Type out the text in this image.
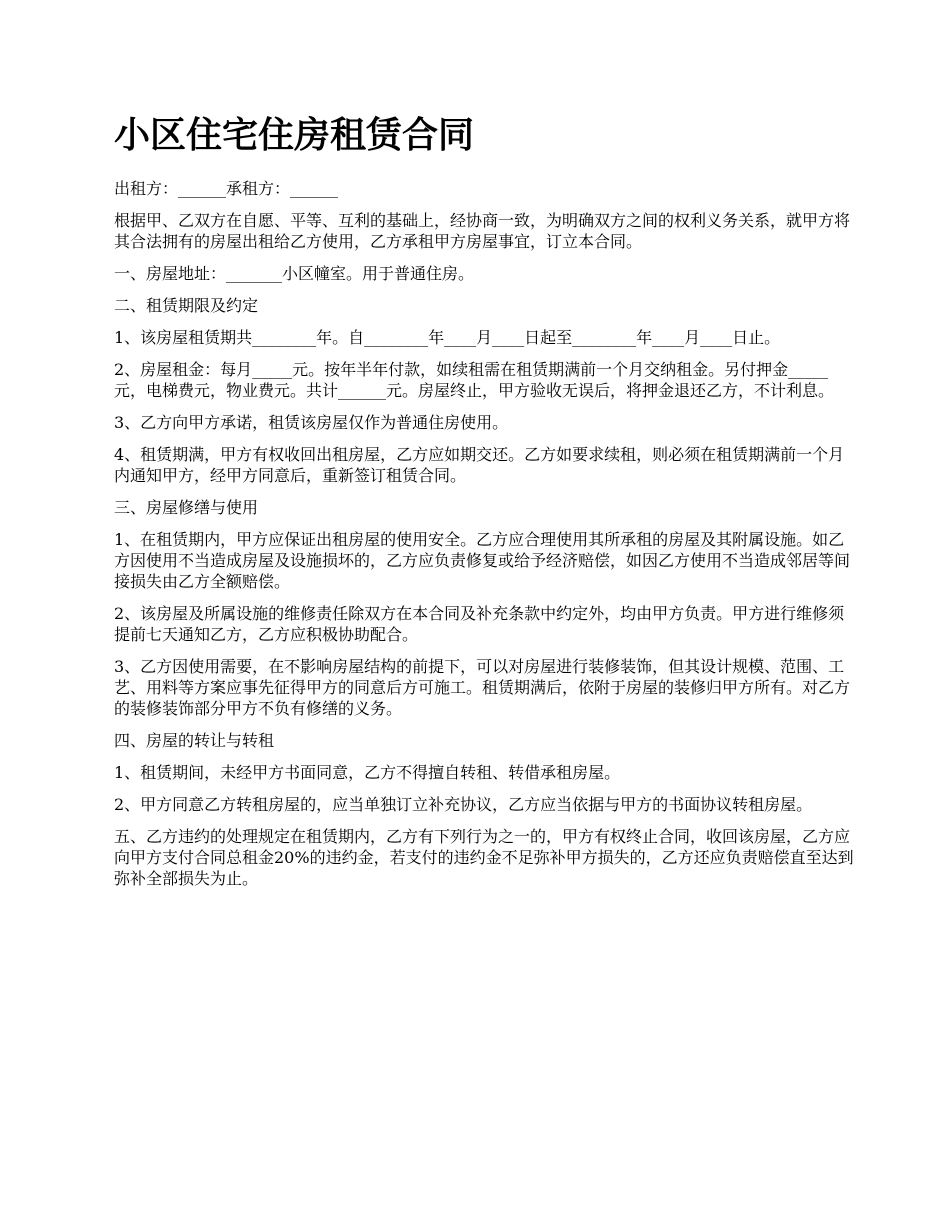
小区住宅住房租赁合同

出租方：______承租方：______

根据甲、乙双方在自愿、平等、互利的基础上，经协商一致，为明确双方之间的权利义务关系，就甲方将其合法拥有的房屋出租给乙方使用，乙方承租甲方房屋事宜，订立本合同。

一、房屋地址：_______小区幢室。用于普通住房。

二、租赁期限及约定

1、该房屋租赁期共________年。自________年____月____日起至________年____月____日止。

2、房屋租金：每月_____元。按年半年付款，如续租需在租赁期满前一个月交纳租金。另付押金_____元，电梯费元，物业费元。共计______元。房屋终止，甲方验收无误后，将押金退还乙方，不计利息。

3、乙方向甲方承诺，租赁该房屋仅作为普通住房使用。

4、租赁期满，甲方有权收回出租房屋，乙方应如期交还。乙方如要求续租，则必须在租赁期满前一个月内通知甲方，经甲方同意后，重新签订租赁合同。

三、房屋修缮与使用

1、在租赁期内，甲方应保证出租房屋的使用安全。乙方应合理使用其所承租的房屋及其附属设施。如乙方因使用不当造成房屋及设施损坏的，乙方应负责修复或给予经济赔偿，如因乙方使用不当造成邻居等间接损失由乙方全额赔偿。

2、该房屋及所属设施的维修责任除双方在本合同及补充条款中约定外，均由甲方负责。甲方进行维修须提前七天通知乙方，乙方应积极协助配合。

3、乙方因使用需要，在不影响房屋结构的前提下，可以对房屋进行装修装饰，但其设计规模、范围、工艺、用料等方案应事先征得甲方的同意后方可施工。租赁期满后，依附于房屋的装修归甲方所有。对乙方的装修装饰部分甲方不负有修缮的义务。

四、房屋的转让与转租

1、租赁期间，未经甲方书面同意，乙方不得擅自转租、转借承租房屋。

2、甲方同意乙方转租房屋的，应当单独订立补充协议，乙方应当依据与甲方的书面协议转租房屋。

五、乙方违约的处理规定在租赁期内，乙方有下列行为之一的，甲方有权终止合同，收回该房屋，乙方应向甲方支付合同总租金20%的违约金，若支付的违约金不足弥补甲方损失的，乙方还应负责赔偿直至达到弥补全部损失为止。
